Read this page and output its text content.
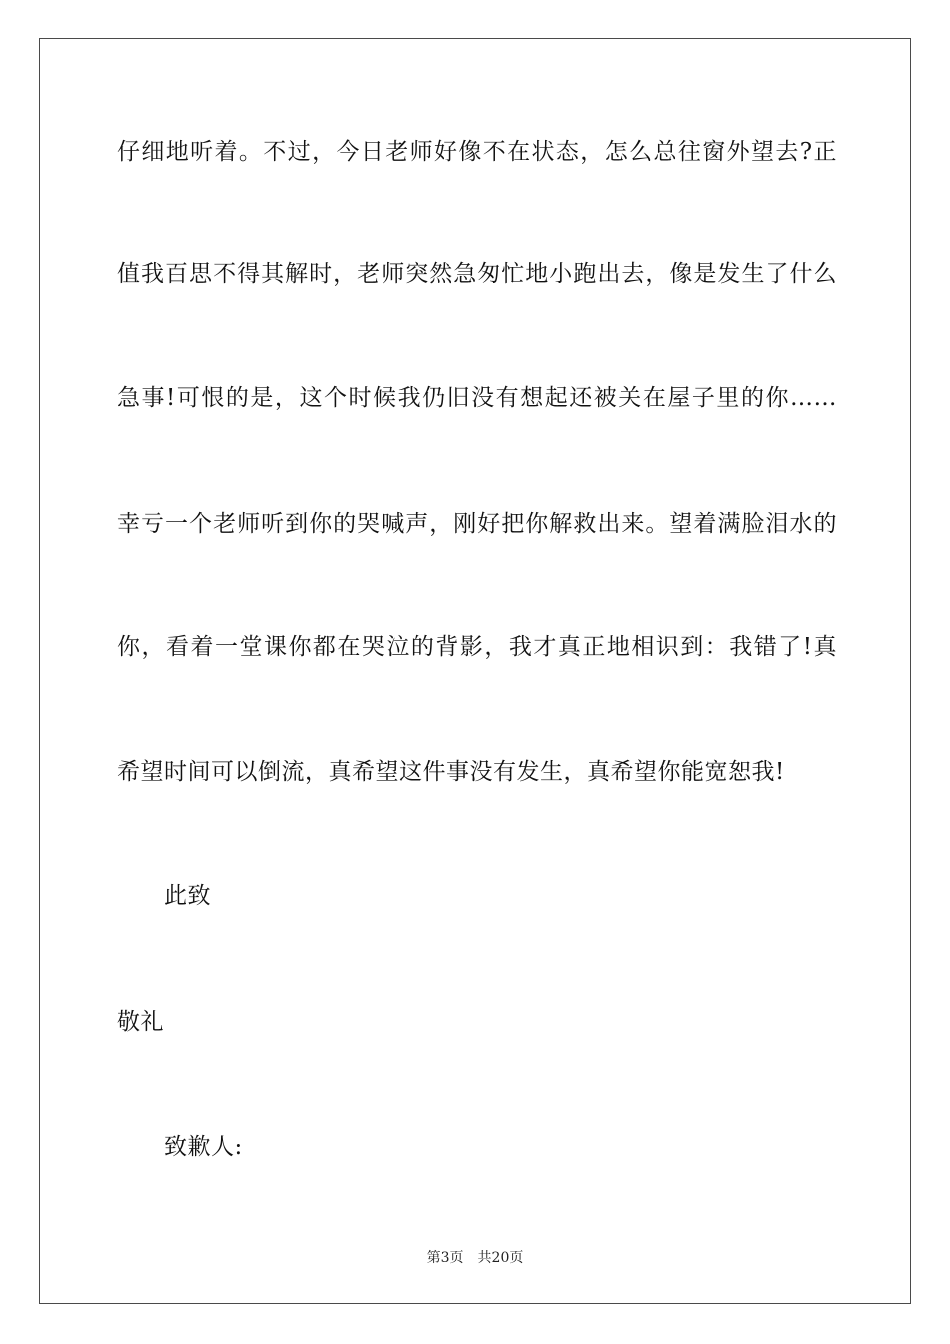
仔细地听着。不过，今日老师好像不在状态，怎么总往窗外望去?正
值我百思不得其解时，老师突然急匆忙地小跑出去，像是发生了什么
急事!可恨的是，这个时候我仍旧没有想起还被关在屋子里的你……
幸亏一个老师听到你的哭喊声，刚好把你解救出来。望着满脸泪水的
你，看着一堂课你都在哭泣的背影，我才真正地相识到：我错了!真
希望时间可以倒流，真希望这件事没有发生，真希望你能宽恕我!
此致
敬礼
致歉人:
第3页 共20页
